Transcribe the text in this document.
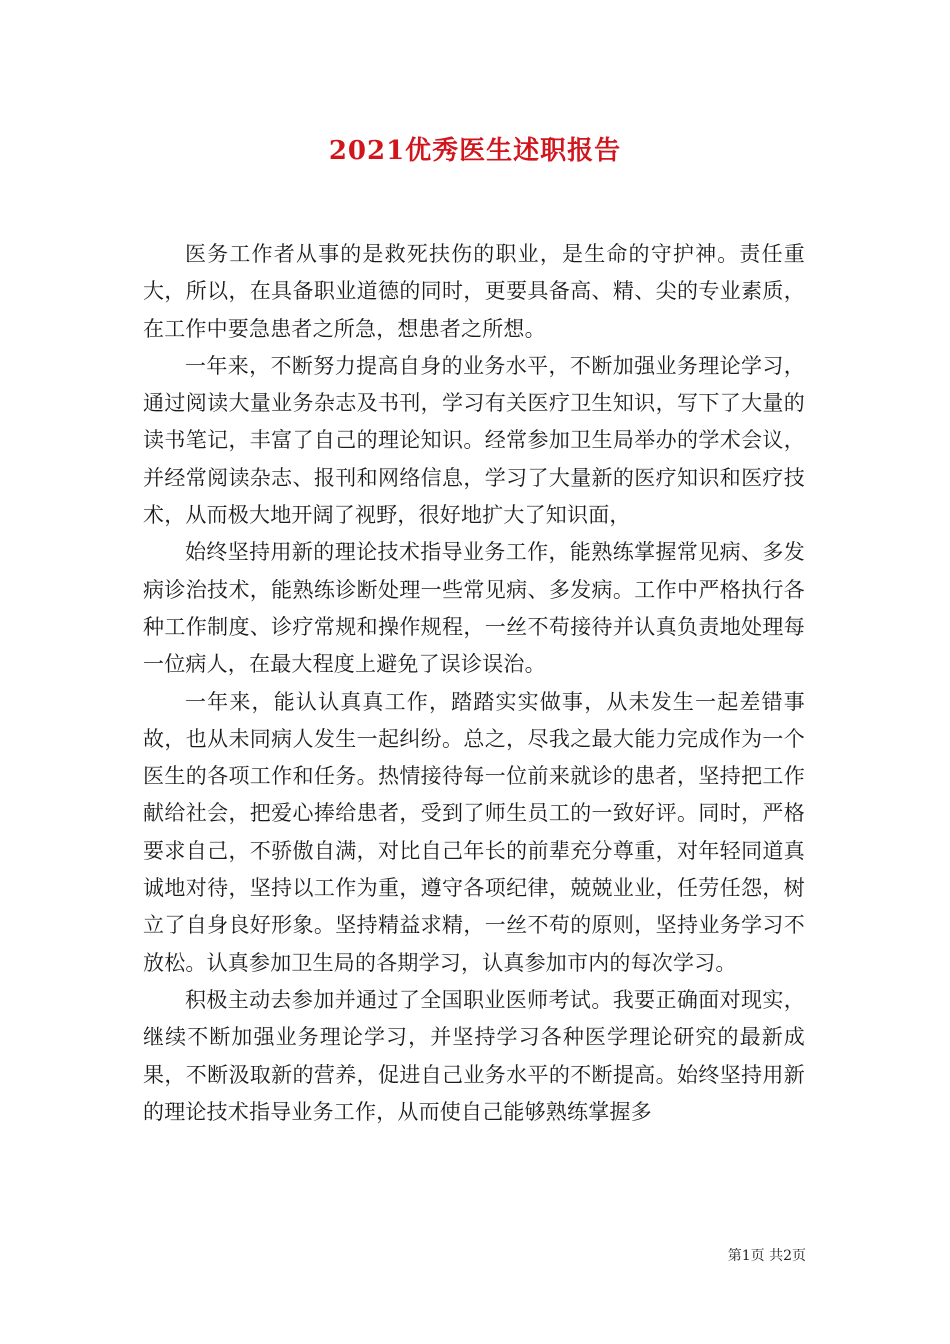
2021优秀医生述职报告

医务工作者从事的是救死扶伤的职业，是生命的守护神。责任重大，所以，在具备职业道德的同时，更要具备高、精、尖的专业素质，在工作中要急患者之所急，想患者之所想。

一年来，不断努力提高自身的业务水平，不断加强业务理论学习，通过阅读大量业务杂志及书刊，学习有关医疗卫生知识，写下了大量的读书笔记，丰富了自己的理论知识。经常参加卫生局举办的学术会议，并经常阅读杂志、报刊和网络信息，学习了大量新的医疗知识和医疗技术，从而极大地开阔了视野，很好地扩大了知识面，

始终坚持用新的理论技术指导业务工作，能熟练掌握常见病、多发病诊治技术，能熟练诊断处理一些常见病、多发病。工作中严格执行各种工作制度、诊疗常规和操作规程，一丝不苟接待并认真负责地处理每一位病人，在最大程度上避免了误诊误治。

一年来，能认认真真工作，踏踏实实做事，从未发生一起差错事故，也从未同病人发生一起纠纷。总之，尽我之最大能力完成作为一个医生的各项工作和任务。热情接待每一位前来就诊的患者，坚持把工作献给社会，把爱心捧给患者，受到了师生员工的一致好评。同时，严格要求自己，不骄傲自满，对比自己年长的前辈充分尊重，对年轻同道真诚地对待，坚持以工作为重，遵守各项纪律，兢兢业业，任劳任怨，树立了自身良好形象。坚持精益求精，一丝不苟的原则，坚持业务学习不放松。认真参加卫生局的各期学习，认真参加市内的每次学习。

积极主动去参加并通过了全国职业医师考试。我要正确面对现实，继续不断加强业务理论学习，并坚持学习各种医学理论研究的最新成果，不断汲取新的营养，促进自己业务水平的不断提高。始终坚持用新的理论技术指导业务工作，从而使自己能够熟练掌握多

第1页 共2页
